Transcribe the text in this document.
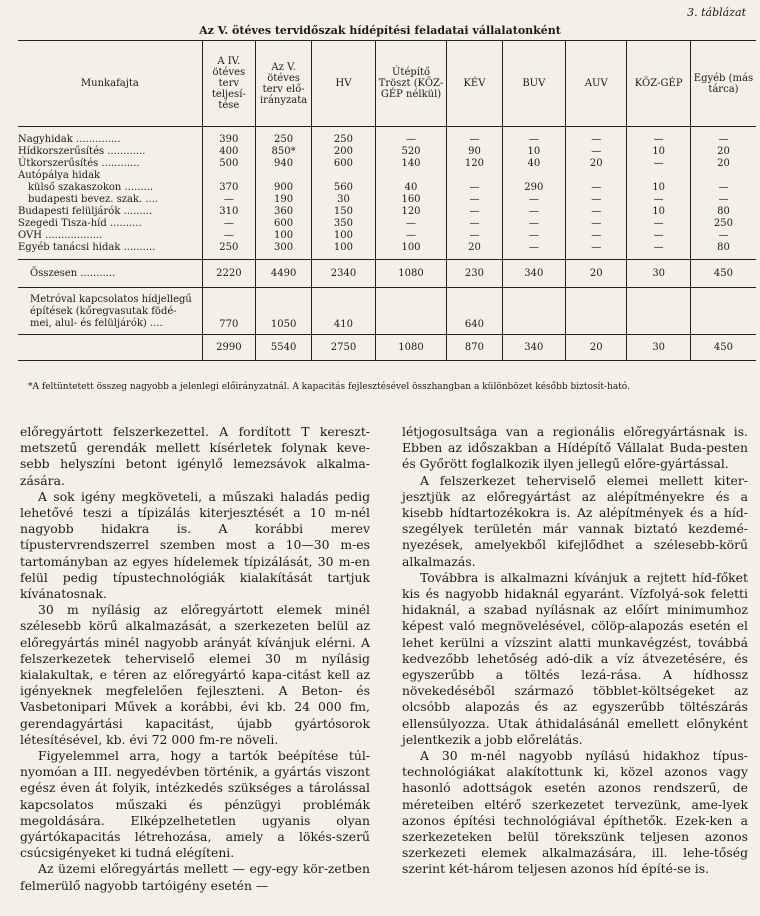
3. táblázat
Az V. ötéves tervidőszak hídépítési feladatai vállalatonként
Munkafajta	A IV. ötéves terv teljesí-tése	Az V. ötéves terv elő-irányzata	HV	Útépítő Tröszt (KÖZ-GÉP nélkül)	KÉV	BUV	AUV	KÖZ-GÉP	Egyéb (más tárca)

Nagyhidak ..............	390	250	250	—	—	—	—	—	—
Hídkorszerűsítés ............	400	850*	200	520	90	10	—	10	20
Útkorszerűsítés ............	500	940	600	140	120	40	20	—	20
Autópálya hidak									
külső szakaszokon .........	370	900	560	40	—	290	—	10	—
budapesti bevez. szak. ....	—	190	30	160	—	—	—	—	—
Budapesti felüljárók .........	310	360	150	120	—	—	—	10	80
Szegedi Tisza-híd ..........	—	600	350	—	—	—	—	—	250
OVH ..................	—	100	100	—	—	—	—	—	—
Egyéb tanácsi hidak ..........	250	300	100	100	20	—	—	—	80

Összesen ...........	2220	4490	2340	1080	230	340	20	30	450

Metróval kapcsolatos hídjellegű
építések (kőregvasutak födé-
mei, alul- és felüljárók) ....	770	1050	410		640				
	2990	5540	2750	1080	870	340	20	30	450
*A feltüntetett összeg nagyobb a jelenlegi előirányzatnál. A kapacitás fejlesztésével összhangban a különbözet később biztosít-ható.

előregyártott felszerkezettel. A fordított T kereszt-metszetű gerendák mellett kísérletek folynak keve-sebb helyszíni betont igénylő lemezsávok alkalma-zására.

A sok igény megköveteli, a műszaki haladás pedig lehetővé teszi a típizálás kiterjesztését a 10 m-nél nagyobb hidakra is. A korábbi merev típustervrendszerrel szemben most a 10—30 m-es tartományban az egyes hídelemek típizálását, 30 m-en felül pedig típustechnológiák kialakítását tartjuk kívánatosnak.

30 m nyílásig az előregyártott elemek minél szélesebb körű alkalmazását, a szerkezeten belül az előregyártás minél nagyobb arányát kívánjuk elérni. A felszerkezetek teherviselő elemei 30 m nyílásig kialakultak, e téren az előregyártó kapa-citást kell az igényeknek megfelelően fejleszteni. A Beton- és Vasbetonipari Művek a korábbi, évi kb. 24 000 fm, gerendagyártási kapacitást, újabb gyártósorok létesítésével, kb. évi 72 000 fm-re növeli.

Figyelemmel arra, hogy a tartók beépítése túl-nyomóan a III. negyedévben történik, a gyártás viszont egész éven át folyik, intézkedés szükséges a tárolással kapcsolatos műszaki és pénzügyi problémák megoldására. Elképzelhetetlen ugyanis olyan gyártókapacitás létrehozása, amely a lökés-szerű csúcsigényeket ki tudná elégíteni.

Az üzemi előregyártás mellett — egy-egy kör-zetben felmerülő nagyobb tartóigény esetén —

létjogosultsága van a regionális előregyártásnak is. Ebben az időszakban a Hídépítő Vállalat Buda-pesten és Győrött foglalkozik ilyen jellegű előre-gyártással.

A felszerkezet teherviselő elemei mellett kiter-jesztjük az előregyártást az alépítményekre és a kisebb hídtartozékokra is. Az alépítmények és a híd-szegélyek területén már vannak biztató kezdemé-nyezések, amelyekből kifejlődhet a szélesebb-körű alkalmazás.

Továbbra is alkalmazni kívánjuk a rejtett híd-főket kis és nagyobb hidaknál egyaránt. Vízfolyá-sok feletti hidaknál, a szabad nyílásnak az előírt minimumhoz képest való megnövelésével, cölöp-alapozás esetén el lehet kerülni a vízszint alatti munkavégzést, továbbá kedvezőbb lehetőség adó-dik a víz átvezetésére, és egyszerűbb a töltés lezá-rása. A hídhossz növekedéséből származó többlet-költségeket az olcsóbb alapozás és az egyszerűbb töltészárás ellensúlyozza. Utak áthidalásánál emellett előnyként jelentkezik a jobb előrelátás.

A 30 m-nél nagyobb nyílású hidakhoz típus-technológiákat alakítottunk ki, közel azonos vagy hasonló adottságok esetén azonos rendszerű, de méreteiben eltérő szerkezetet tervezünk, ame-lyek azonos építési technológiával építhetők. Ezek-ken a szerkezeteken belül törekszünk teljesen azonos szerkezeti elemek alkalmazására, ill. lehe-tőség szerint két-három teljesen azonos híd építé-se is.
